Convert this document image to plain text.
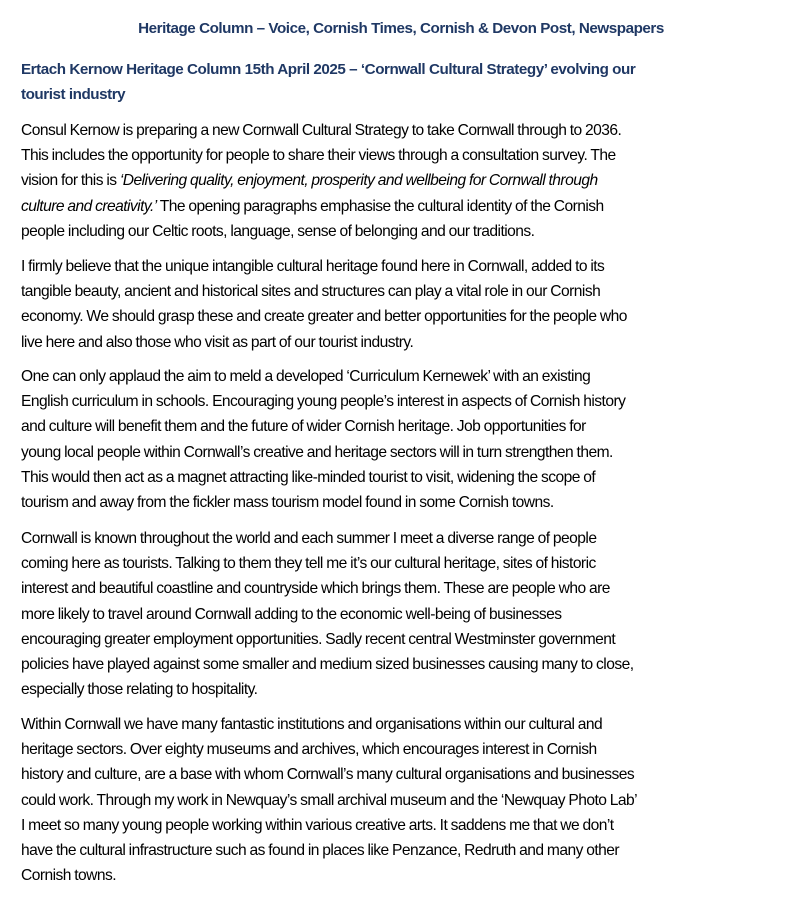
Heritage Column – Voice, Cornish Times, Cornish & Devon Post, Newspapers
Ertach Kernow Heritage Column 15th April 2025 – ‘Cornwall Cultural Strategy’ evolving our
tourist industry
Consul Kernow is preparing a new Cornwall Cultural Strategy to take Cornwall through to 2036.
This includes the opportunity for people to share their views through a consultation survey. The
vision for this is ‘Delivering quality, enjoyment, prosperity and wellbeing for Cornwall through
culture and creativity.’ The opening paragraphs emphasise the cultural identity of the Cornish
people including our Celtic roots, language, sense of belonging and our traditions.
I firmly believe that the unique intangible cultural heritage found here in Cornwall, added to its
tangible beauty, ancient and historical sites and structures can play a vital role in our Cornish
economy. We should grasp these and create greater and better opportunities for the people who
live here and also those who visit as part of our tourist industry.
One can only applaud the aim to meld a developed ‘Curriculum Kernewek’ with an existing
English curriculum in schools. Encouraging young people’s interest in aspects of Cornish history
and culture will benefit them and the future of wider Cornish heritage. Job opportunities for
young local people within Cornwall’s creative and heritage sectors will in turn strengthen them.
This would then act as a magnet attracting like-minded tourist to visit, widening the scope of
tourism and away from the fickler mass tourism model found in some Cornish towns.
Cornwall is known throughout the world and each summer I meet a diverse range of people
coming here as tourists. Talking to them they tell me it’s our cultural heritage, sites of historic
interest and beautiful coastline and countryside which brings them. These are people who are
more likely to travel around Cornwall adding to the economic well-being of businesses
encouraging greater employment opportunities. Sadly recent central Westminster government
policies have played against some smaller and medium sized businesses causing many to close,
especially those relating to hospitality.
Within Cornwall we have many fantastic institutions and organisations within our cultural and
heritage sectors. Over eighty museums and archives, which encourages interest in Cornish
history and culture, are a base with whom Cornwall’s many cultural organisations and businesses
could work. Through my work in Newquay’s small archival museum and the ‘Newquay Photo Lab’
I meet so many young people working within various creative arts. It saddens me that we don’t
have the cultural infrastructure such as found in places like Penzance, Redruth and many other
Cornish towns.
